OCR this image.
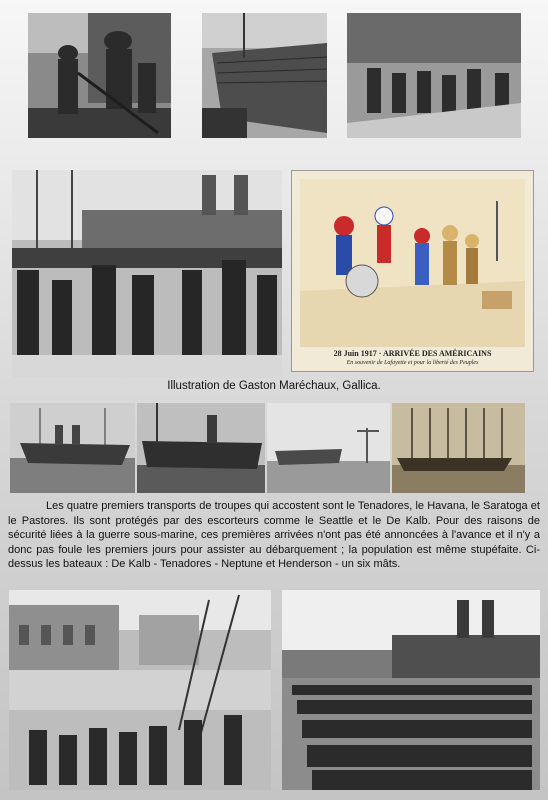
28 Juin 1917 · ARRIVÉE DES AMÉRICAINS
En souvenir de Lafayette et pour la liberté des Peuples
Illustration de Gaston Maréchaux, Gallica.
Les quatre premiers transports de troupes qui accostent sont le Tenadores, le Havana, le Saratoga et le Pastores. Ils sont protégés par des escorteurs comme le Seattle et le De Kalb. Pour des raisons de sécurité liées à la guerre sous-marine, ces premières arrivées n'ont pas été annoncées à l'avance et il n'y a donc pas foule les premiers jours pour assister au débarquement ; la population est même stupéfaite. Ci-dessus les bateaux : De Kalb - Tenadores - Neptune et Henderson - un six mâts.
